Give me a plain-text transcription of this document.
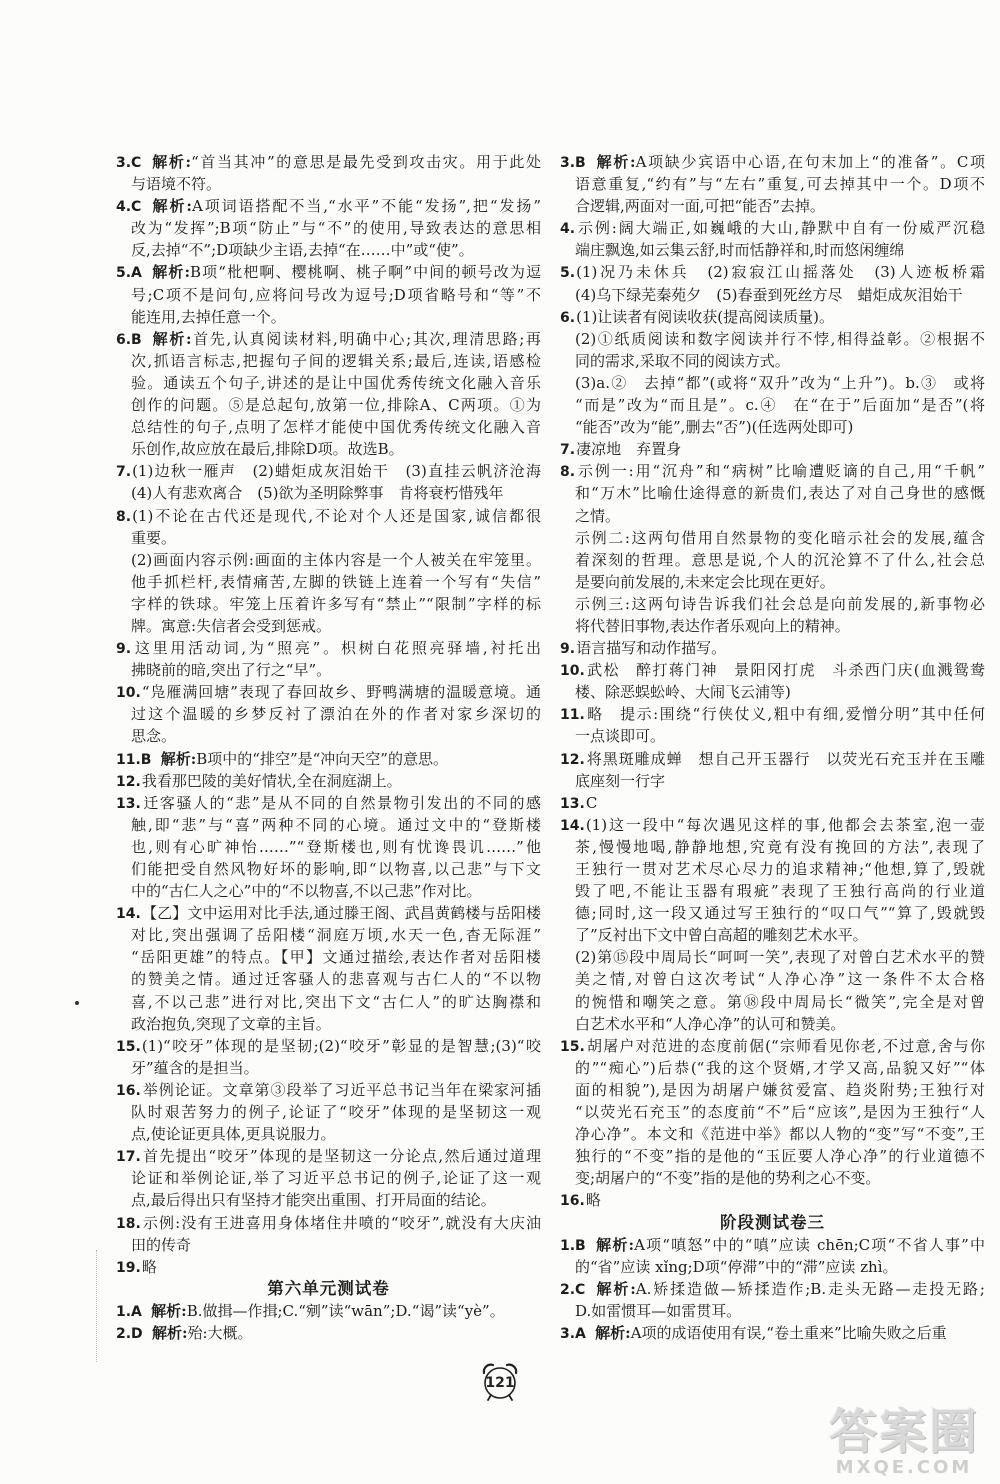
3.C 解析:“首当其冲”的意思是最先受到攻击灾。用于此处
与语境不符。
4.C 解析:A项词语搭配不当,“水平”不能“发扬”,把“发扬”
改为“发挥”;B项“防止”与“不”的使用,导致表达的意思相
反,去掉“不”;D项缺少主语,去掉“在……中”或“使”。
5.A 解析:B项“枇杷啊、樱桃啊、桃子啊”中间的顿号改为逗
号;C项不是问句,应将问号改为逗号;D项省略号和“等”不
能连用,去掉任意一个。
6.B 解析:首先,认真阅读材料,明确中心;其次,理清思路;再
次,抓语言标志,把握句子间的逻辑关系;最后,连读,语感检
验。通读五个句子,讲述的是让中国优秀传统文化融入音乐
创作的问题。⑤是总起句,放第一位,排除A、C两项。①为
总结性的句子,点明了怎样才能使中国优秀传统文化融入音
乐创作,故应放在最后,排除D项。故选B。
7.(1)边秋一雁声　(2)蜡炬成灰泪始干　(3)直挂云帆济沧海
(4)人有悲欢离合　(5)欲为圣明除弊事　肯将衰朽惜残年
8.(1)不论在古代还是现代,不论对个人还是国家,诚信都很
重要。
(2)画面内容示例:画面的主体内容是一个人被关在牢笼里。
他手抓栏杆,表情痛苦,左脚的铁链上连着一个写有“失信”
字样的铁球。牢笼上压着许多写有“禁止”“限制”字样的标
牌。寓意:失信者会受到惩戒。
9.这里用活动词,为“照亮”。枳树白花照亮驿墙,衬托出
拂晓前的暗,突出了行之“早”。
10.“凫雁满回塘”表现了春回故乡、野鸭满塘的温暖意境。通
过这个温暖的乡梦反衬了漂泊在外的作者对家乡深切的
思念。
11.B 解析:B项中的“排空”是“冲向天空”的意思。
12.我看那巴陵的美好情状,全在洞庭湖上。
13.迁客骚人的“悲”是从不同的自然景物引发出的不同的感
触,即“悲”与“喜”两种不同的心境。通过文中的“登斯楼
也,则有心旷神怡……”“登斯楼也,则有忧谗畏讥……”他
们能把受自然风物好坏的影响,即“以物喜,以己悲”与下文
中的“古仁人之心”中的“不以物喜,不以己悲”作对比。
14.【乙】文中运用对比手法,通过滕王阁、武昌黄鹤楼与岳阳楼
对比,突出强调了岳阳楼“洞庭万顷,水天一色,杳无际涯”
“岳阳更雄”的特点。【甲】文通过描绘,表达作者对岳阳楼
的赞美之情。通过迁客骚人的悲喜观与古仁人的“不以物
喜,不以己悲”进行对比,突出下文“古仁人”的旷达胸襟和
政治抱负,突现了文章的主旨。
15.(1)“咬牙”体现的是坚韧;(2)“咬牙”彰显的是智慧;(3)“咬
牙”蕴含的是担当。
16.举例论证。文章第③段举了习近平总书记当年在梁家河插
队时艰苦努力的例子,论证了“咬牙”体现的是坚韧这一观
点,使论证更具体,更具说服力。
17.首先提出“咬牙”体现的是坚韧这一分论点,然后通过道理
论证和举例论证,举了习近平总书记的例子,论证了这一观
点,最后得出只有坚持才能突出重围、打开局面的结论。
18.示例:没有王进喜用身体堵住井喷的“咬牙”,就没有大庆油
田的传奇
19.略
第六单元测试卷
1.A 解析:B.做揖—作揖;C.“剜”读“wān”;D.“谒”读“yè”。
2.D 解析:殆:大概。
3.B 解析:A项缺少宾语中心语,在句末加上“的准备”。C项
语意重复,“约有”与“左右”重复,可去掉其中一个。D项不
合逻辑,两面对一面,可把“能否”去掉。
4.示例:阔大端正,如巍峨的大山,静默中自有一份威严沉稳
端庄飘逸,如云集云舒,时而恬静祥和,时而悠闲缠绵
5.(1)况乃未休兵　(2)寂寂江山摇落处　(3)人迹板桥霜
(4)乌下绿芜秦苑夕　(5)春蚕到死丝方尽　蜡炬成灰泪始干
6.(1)让读者有阅读收获(提高阅读质量)。
(2)①纸质阅读和数字阅读并行不悖,相得益彰。②根据不
同的需求,采取不同的阅读方式。
(3)a.②　去掉“都”(或将“双升”改为“上升”)。b.③　或将
“而是”改为“而且是”。c.④　在“在于”后面加“是否”(将
“能否”改为“能”,删去“否”)(任选两处即可)
7.凄凉地　弃置身
8.示例一:用“沉舟”和“病树”比喻遭贬谪的自己,用“千帆”
和“万木”比喻仕途得意的新贵们,表达了对自己身世的感慨
之情。
示例二:这两句借用自然景物的变化暗示社会的发展,蕴含
着深刻的哲理。意思是说,个人的沉沦算不了什么,社会总
是要向前发展的,未来定会比现在更好。
示例三:这两句诗告诉我们社会总是向前发展的,新事物必
将代替旧事物,表达作者乐观向上的精神。
9.语言描写和动作描写。
10.武松　醉打蒋门神　景阳冈打虎　斗杀西门庆(血溅鸳鸯
楼、除恶蜈蚣岭、大闹飞云浦等)
11.略　提示:围绕“行侠仗义,粗中有细,爱憎分明”其中任何
一点谈即可。
12.将黑斑雕成蝉　想自己开玉器行　以荧光石充玉并在玉雕
底座刻一行字
13.C
14.(1)这一段中“每次遇见这样的事,他都会去茶室,泡一壶
茶,慢慢地喝,静静地想,究竟有没有挽回的方法”,表现了
王独行一贯对艺术尽心尽力的追求精神;“他想,算了,毁就
毁了吧,不能让玉器有瑕疵”表现了王独行高尚的行业道
德;同时,这一段又通过写王独行的“叹口气”“算了,毁就毁
了”反衬出下文中曾白高超的雕刻艺术水平。
(2)第⑮段中周局长“呵呵一笑”,表现了对曾白艺术水平的赞
美之情,对曾白这次考试“人净心净”这一条件不太合格
的惋惜和嘲笑之意。第⑱段中周局长“微笑”,完全是对曾
白艺术水平和“人净心净”的认可和赞美。
15.胡屠户对范进的态度前倨(“宗师看见你老,不过意,舍与你
的”“痴心”)后恭(“我的这个贤婿,才学又高,品貌又好”“体
面的相貌”),是因为胡屠户嫌贫爱富、趋炎附势;王独行对
“以荧光石充玉”的态度前“不”后“应该”,是因为王独行“人
净心净”。本文和《范进中举》都以人物的“变”写“不变”,王
独行的“不变”指的是他的“玉匠要人净心净”的行业道德不
变;胡屠户的“不变”指的是他的势利之心不变。
16.略
阶段测试卷三
1.B 解析:A项“嗔怒”中的“嗔”应读 chēn;C项“不省人事”中
的“省”应读 xǐng;D项“停滞”中的“滞”应读 zhì。
2.C 解析:A.矫揉造做—矫揉造作;B.走头无路—走投无路;
D.如雷惯耳—如雷贯耳。
3.A 解析:A项的成语使用有误,“卷土重来”比喻失败之后重
121
答案圈
MXQE.COM
